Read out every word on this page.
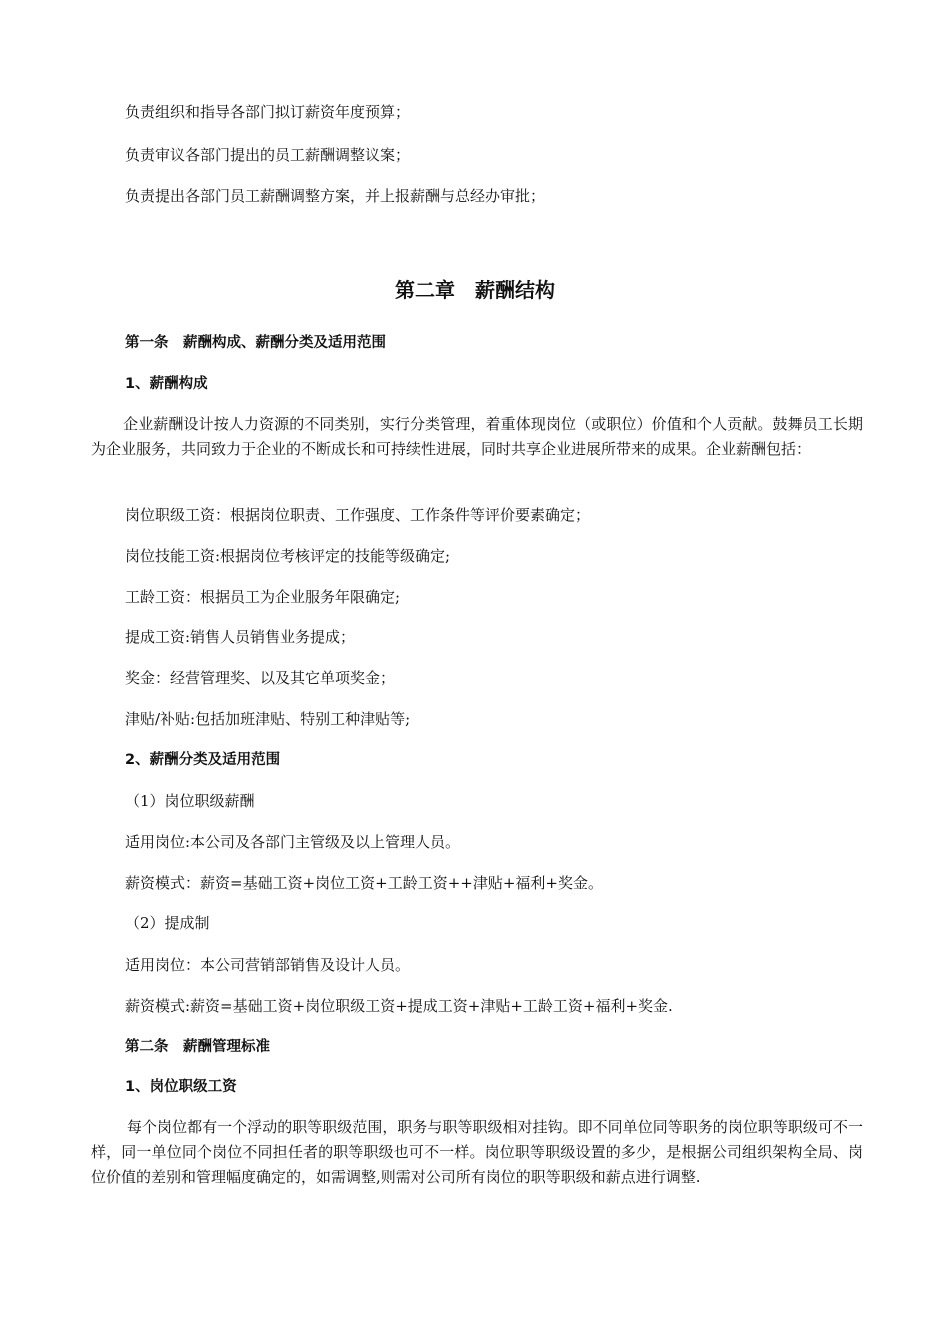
负责组织和指导各部门拟订薪资年度预算；
负责审议各部门提出的员工薪酬调整议案；
负责提出各部门员工薪酬调整方案，并上报薪酬与总经办审批；
第二章　薪酬结构
第一条　薪酬构成、薪酬分类及适用范围
1、薪酬构成
企业薪酬设计按人力资源的不同类别，实行分类管理，着重体现岗位（或职位）价值和个人贡献。鼓舞员工长期为企业服务，共同致力于企业的不断成长和可持续性进展，同时共享企业进展所带来的成果。企业薪酬包括：
岗位职级工资：根据岗位职责、工作强度、工作条件等评价要素确定；
岗位技能工资:根据岗位考核评定的技能等级确定;
工龄工资：根据员工为企业服务年限确定;
提成工资:销售人员销售业务提成；
奖金：经营管理奖、以及其它单项奖金；
津贴/补贴:包括加班津贴、特别工种津贴等;
2、薪酬分类及适用范围
（1）岗位职级薪酬
适用岗位:本公司及各部门主管级及以上管理人员。
薪资模式：薪资=基础工资+岗位工资+工龄工资++津贴+福利+奖金。
（2）提成制
适用岗位：本公司营销部销售及设计人员。
薪资模式:薪资=基础工资+岗位职级工资+提成工资+津贴+工龄工资+福利+奖金.
第二条　薪酬管理标准
1、岗位职级工资
每个岗位都有一个浮动的职等职级范围，职务与职等职级相对挂钩。即不同单位同等职务的岗位职等职级可不一样，同一单位同个岗位不同担任者的职等职级也可不一样。岗位职等职级设置的多少，是根据公司组织架构全局、岗位价值的差别和管理幅度确定的，如需调整,则需对公司所有岗位的职等职级和薪点进行调整.
